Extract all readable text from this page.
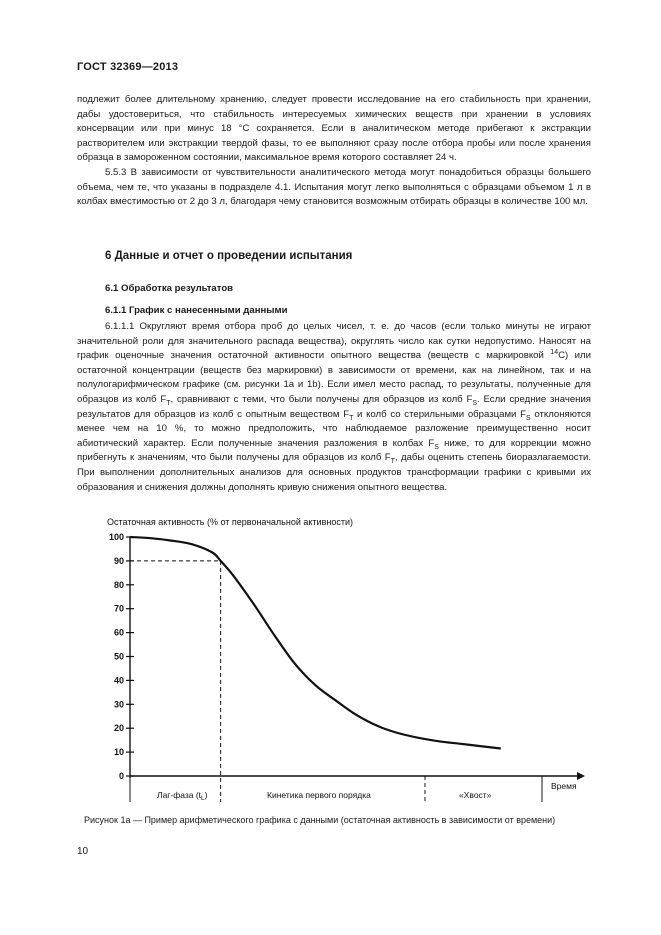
ГОСТ 32369—2013
подлежит более длительному хранению, следует провести исследование на его стабильность при хранении, дабы удостовериться, что стабильность интересуемых химических веществ при хранении в условиях консервации или при минус 18 °С сохраняется. Если в аналитическом методе прибегают к экстракции растворителем или экстракции твердой фазы, то ее выполняют сразу после отбора пробы или после хранения образца в замороженном состоянии, максимальное время которого составляет 24 ч.
5.5.3 В зависимости от чувствительности аналитического метода могут понадобиться образцы большего объема, чем те, что указаны в подразделе 4.1. Испытания могут легко выполняться с образцами объемом 1 л в колбах вместимостью от 2 до 3 л, благодаря чему становится возможным отбирать образцы в количестве 100 мл.
6 Данные и отчет о проведении испытания
6.1 Обработка результатов
6.1.1 График с нанесенными данными
6.1.1.1 Округляют время отбора проб до целых чисел, т. е. до часов (если только минуты не играют значительной роли для значительного распада вещества), округлять число как сутки недопустимо. Наносят на график оценочные значения остаточной активности опытного вещества (веществ с маркировкой $^{14}$С) или остаточной концентрации (веществ без маркировки) в зависимости от времени, как на линейном, так и на полулогарифмическом графике (см. рисунки 1а и 1b). Если имел место распад, то результаты, полученные для образцов из колб $F_T$, сравнивают с теми, что были получены для образцов из колб $F_S$. Если средние значения результатов для образцов из колб с опытным веществом $F_T$ и колб со стерильными образцами $F_S$ отклоняются менее чем на 10 %, то можно предположить, что наблюдаемое разложение преимущественно носит абиотический характер. Если полученные значения разложения в колбах $F_S$ ниже, то для коррекции можно прибегнуть к значениям, что были получены для образцов из колб $F_T$, дабы оценить степень биоразлагаемости. При выполнении дополнительных анализов для основных продуктов трансформации графики с кривыми их образования и снижения должны дополнять кривую снижения опытного вещества.
Остаточная активность (% от первоначальной активности)
0
10
20
30
40
50
60
70
80
90
100
Лаг-фаза $(t_L)$	Кинетика первого порядка	«Хвост»
Время
Рисунок 1а — Пример арифметического графика с данными (остаточная активность в зависимости от времени)
10
